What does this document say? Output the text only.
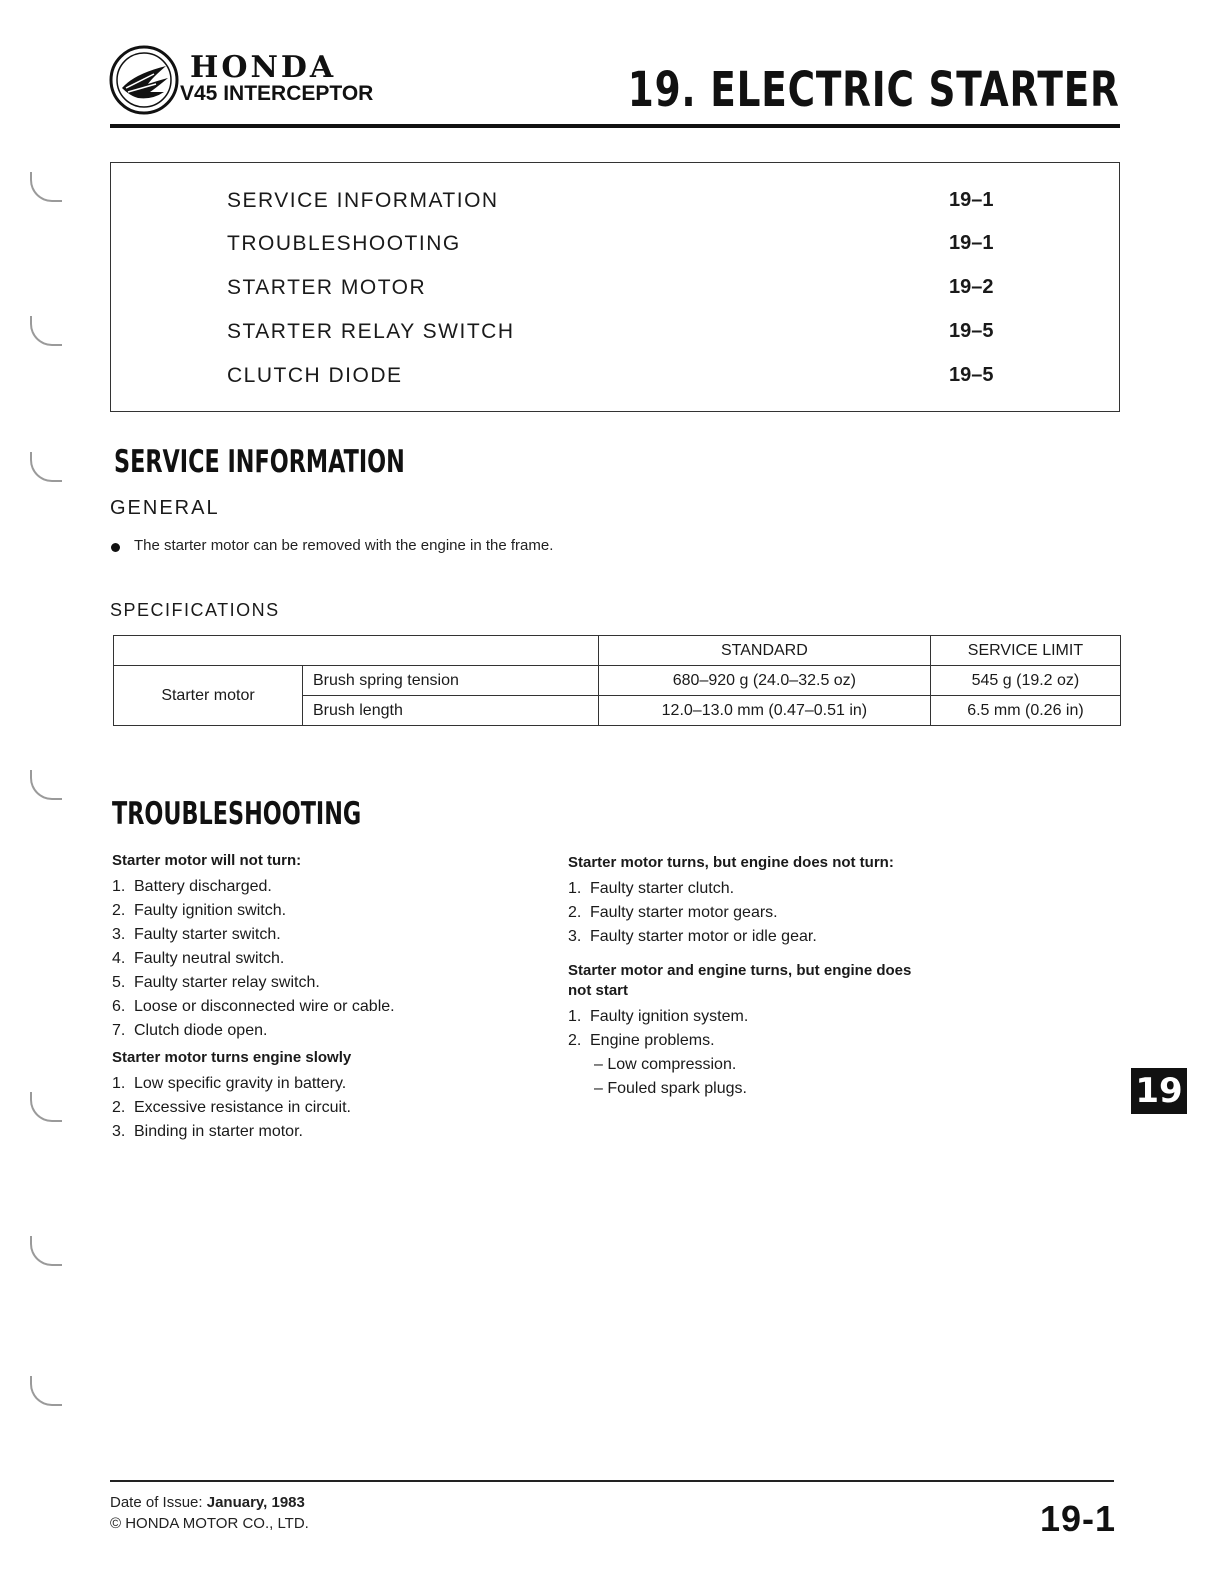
HONDA
V45 INTERCEPTOR	19. ELECTRIC STARTER
SERVICE INFORMATION	19–1
TROUBLESHOOTING	19–1
STARTER MOTOR	19–2
STARTER RELAY SWITCH	19–5
CLUTCH DIODE	19–5
SERVICE INFORMATION
GENERAL
The starter motor can be removed with the engine in the frame.
SPECIFICATIONS
		STANDARD	SERVICE LIMIT
Starter motor	Brush spring tension	680–920 g (24.0–32.5 oz)	545 g (19.2 oz)
	Brush length	12.0–13.0 mm (0.47–0.51 in)	6.5 mm (0.26 in)
TROUBLESHOOTING
Starter motor will not turn:
1. Battery discharged.
2. Faulty ignition switch.
3. Faulty starter switch.
4. Faulty neutral switch.
5. Faulty starter relay switch.
6. Loose or disconnected wire or cable.
7. Clutch diode open.
Starter motor turns engine slowly
1. Low specific gravity in battery.
2. Excessive resistance in circuit.
3. Binding in starter motor.
Starter motor turns, but engine does not turn:
1. Faulty starter clutch.
2. Faulty starter motor gears.
3. Faulty starter motor or idle gear.
Starter motor and engine turns, but engine does
not start
1. Faulty ignition system.
2. Engine problems.
– Low compression.
– Fouled spark plugs.	19
Date of Issue: January, 1983
© HONDA MOTOR CO., LTD.	19-1
